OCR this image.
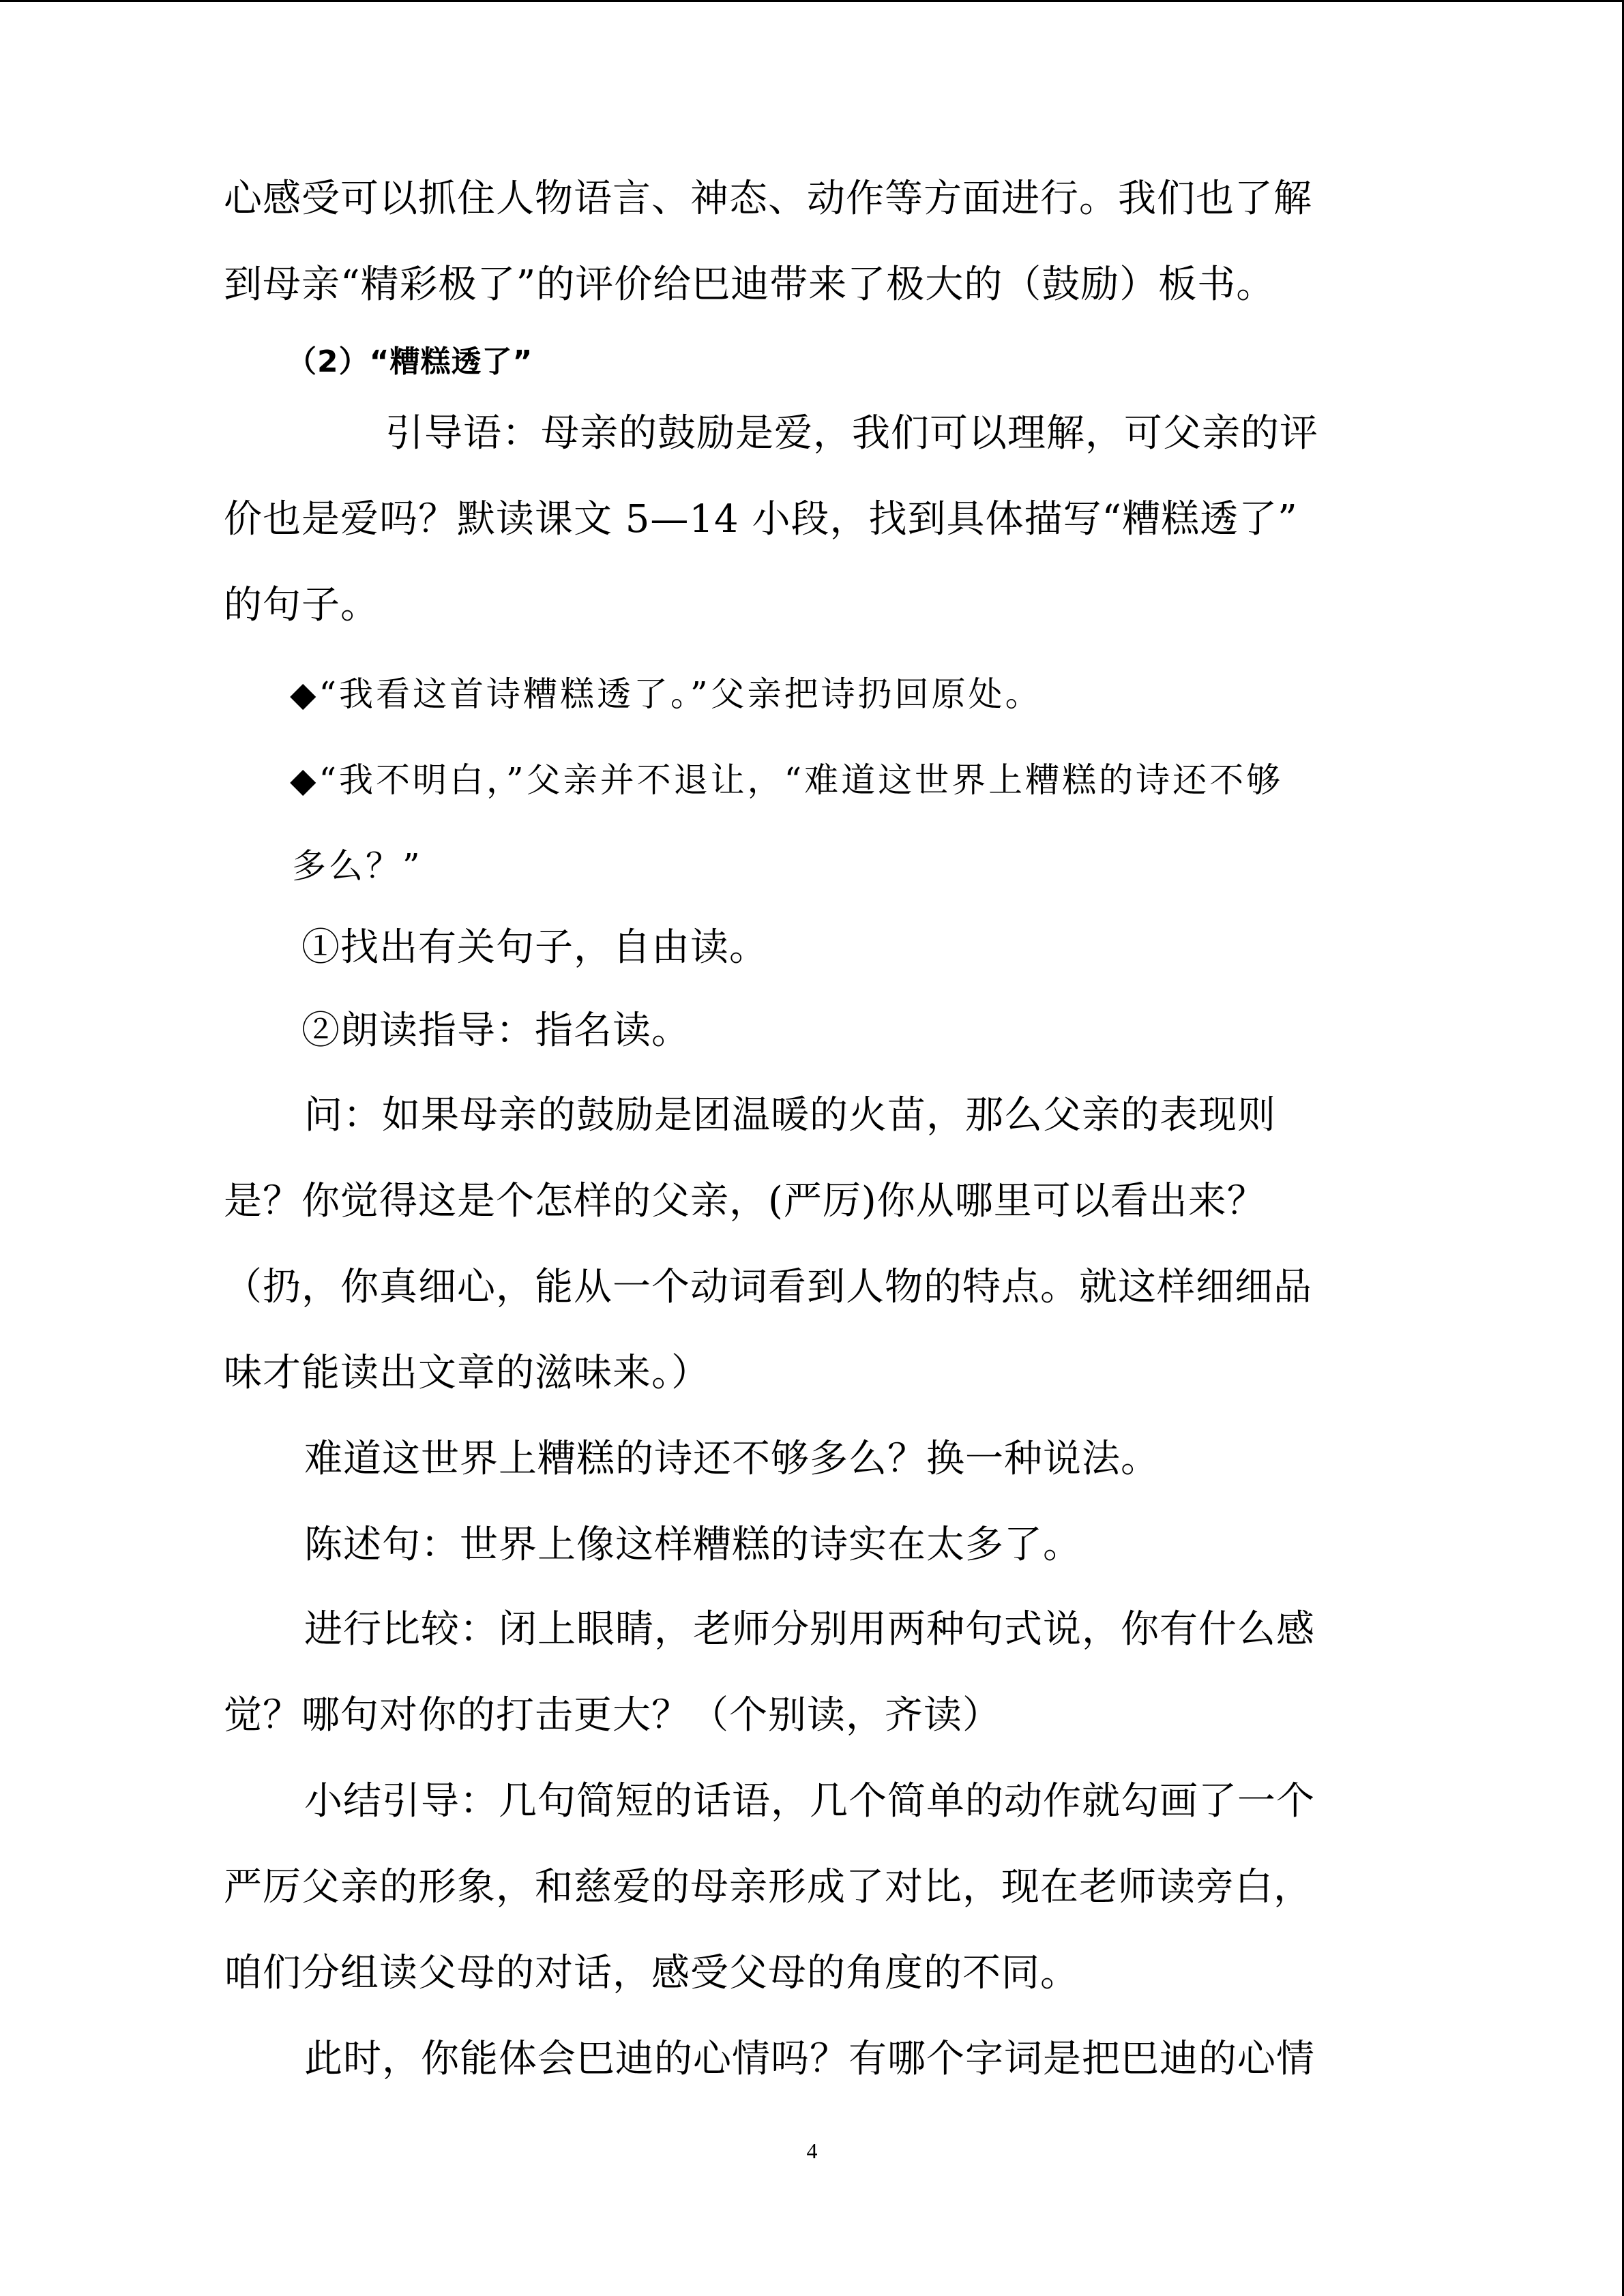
心感受可以抓住人物语言、神态、动作等方面进行。我们也了解
到母亲“精彩极了”的评价给巴迪带来了极大的（鼓励）板书。
（2）“糟糕透了”
引导语：母亲的鼓励是爱，我们可以理解，可父亲的评
价也是爱吗？默读课文 5—14 小段，找到具体描写“糟糕透了”
的句子。
◆“我看这首诗糟糕透了。”父亲把诗扔回原处。
◆“我不明白，”父亲并不退让，“难道这世界上糟糕的诗还不够
多么？”
①找出有关句子，自由读。
②朗读指导：指名读。
问：如果母亲的鼓励是团温暖的火苗，那么父亲的表现则
是？你觉得这是个怎样的父亲，(严厉)你从哪里可以看出来？
（扔，你真细心，能从一个动词看到人物的特点。就这样细细品
味才能读出文章的滋味来。）
难道这世界上糟糕的诗还不够多么？换一种说法。
陈述句：世界上像这样糟糕的诗实在太多了。
进行比较：闭上眼睛，老师分别用两种句式说，你有什么感
觉？哪句对你的打击更大？（个别读，齐读）
小结引导：几句简短的话语，几个简单的动作就勾画了一个
严厉父亲的形象，和慈爱的母亲形成了对比，现在老师读旁白，
咱们分组读父母的对话，感受父母的角度的不同。
此时，你能体会巴迪的心情吗？有哪个字词是把巴迪的心情
4
